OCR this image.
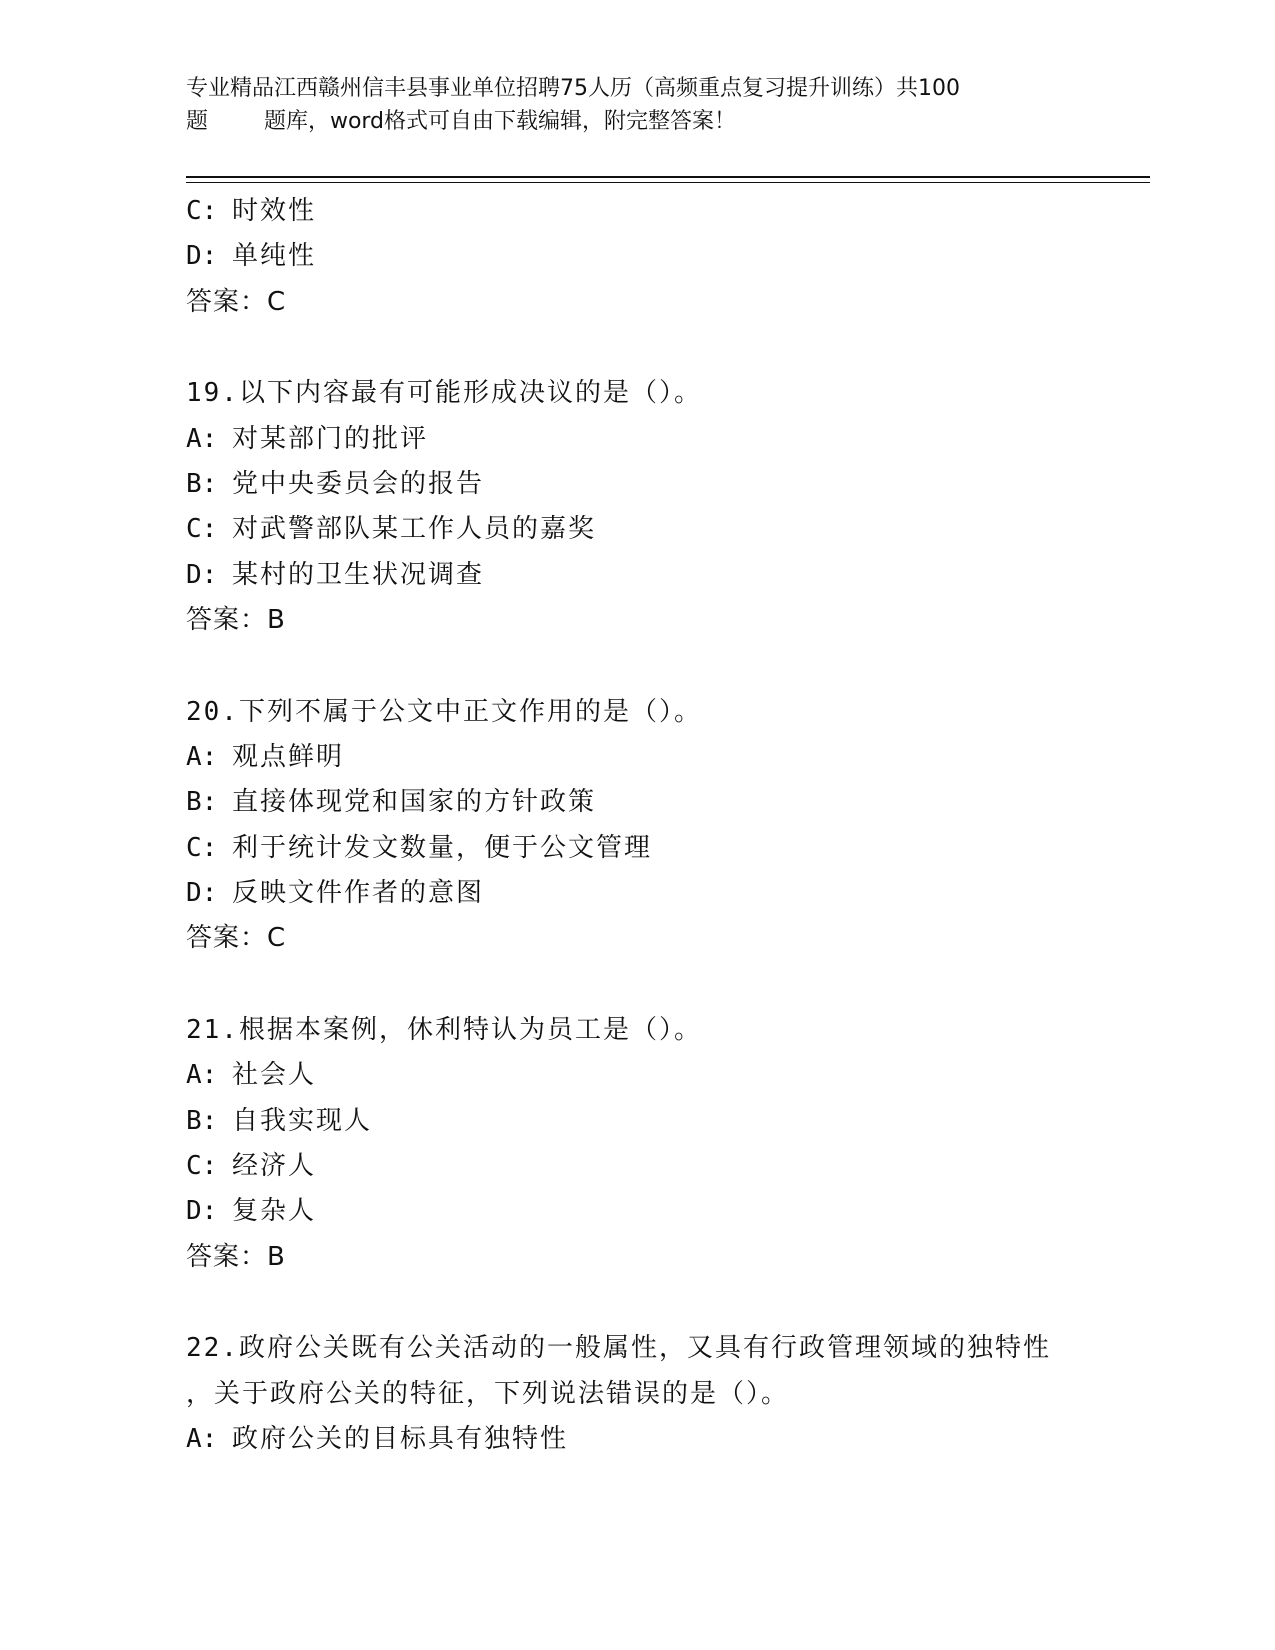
专业精品江西赣州信丰县事业单位招聘75人历（高频重点复习提升训练）共100
题        题库，word格式可自由下载编辑，附完整答案！
C: 时效性
D: 单纯性
答案：C
19.以下内容最有可能形成决议的是（）。
A: 对某部门的批评
B: 党中央委员会的报告
C: 对武警部队某工作人员的嘉奖
D: 某村的卫生状况调查
答案：B
20.下列不属于公文中正文作用的是（）。
A: 观点鲜明
B: 直接体现党和国家的方针政策
C: 利于统计发文数量，便于公文管理
D: 反映文件作者的意图
答案：C
21.根据本案例，休利特认为员工是（）。
A: 社会人
B: 自我实现人
C: 经济人
D: 复杂人
答案：B
22.政府公关既有公关活动的一般属性，又具有行政管理领域的独特性
，关于政府公关的特征，下列说法错误的是（）。
A: 政府公关的目标具有独特性
